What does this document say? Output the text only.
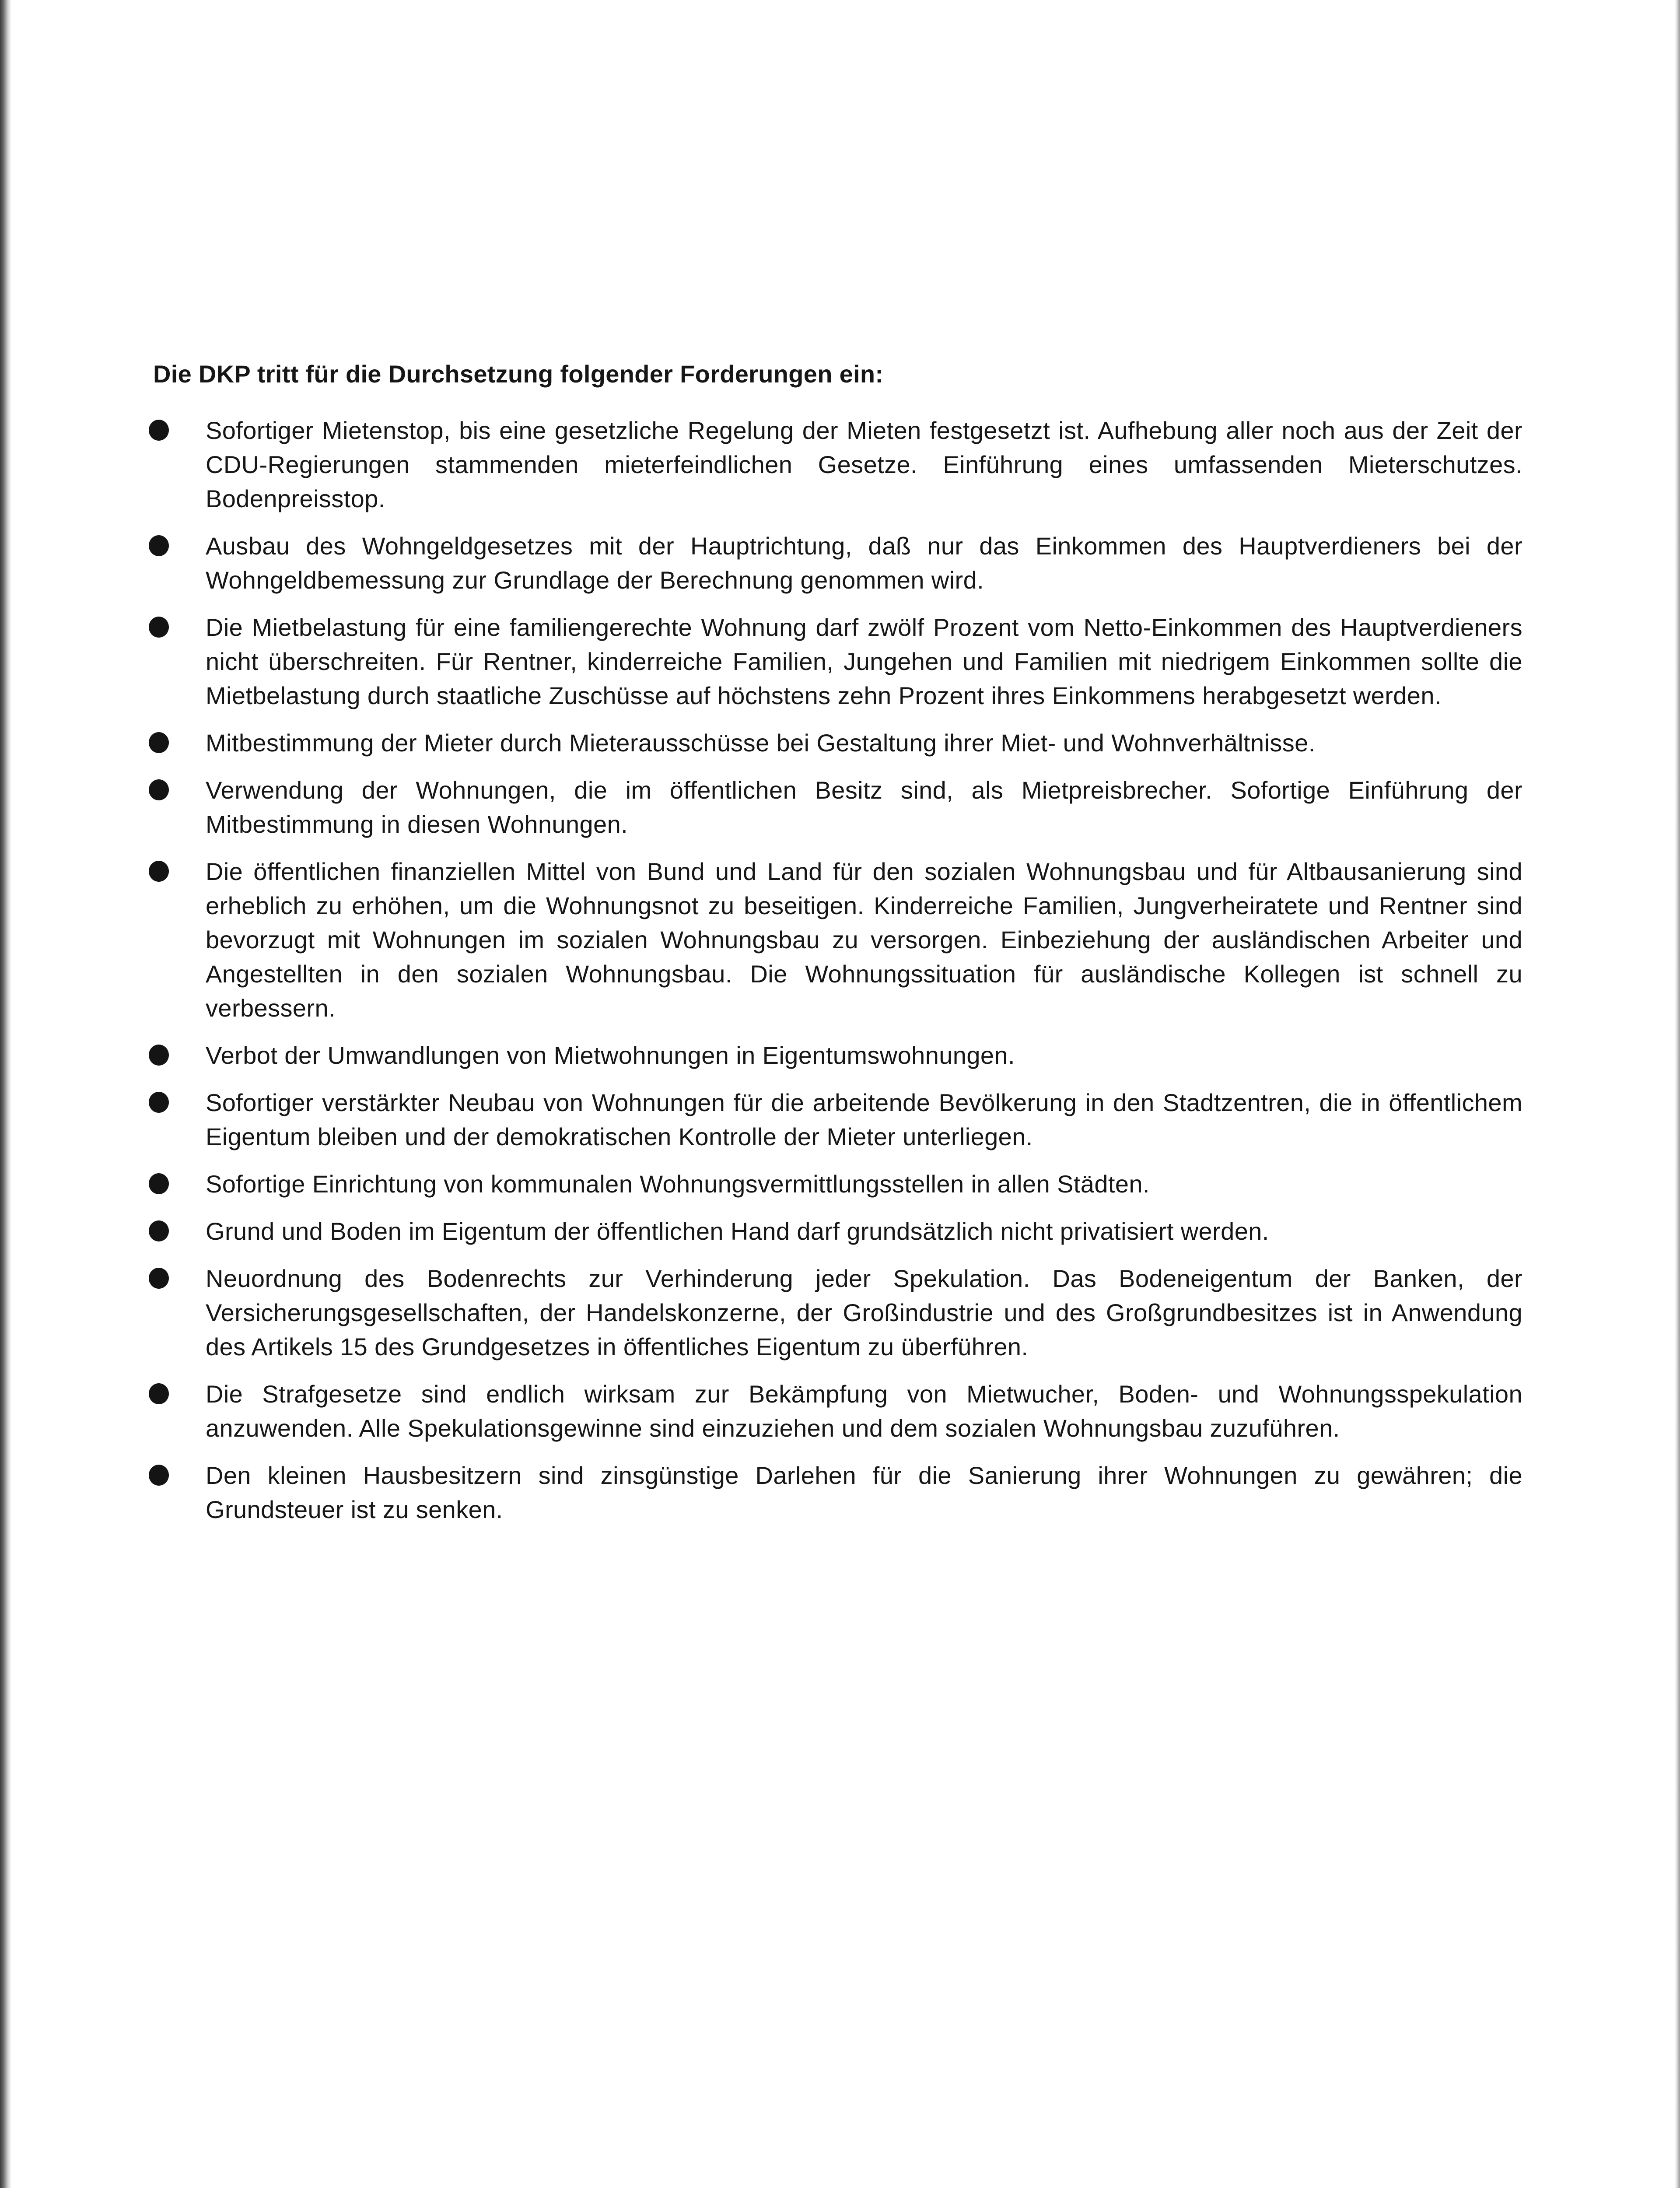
Die DKP tritt für die Durchsetzung folgender Forderungen ein:
Sofortiger Mietenstop, bis eine gesetzliche Regelung der Mieten festgesetzt ist. Aufhebung aller noch aus der Zeit der CDU-Regierungen stammenden mieterfeindlichen Gesetze. Einführung eines umfassenden Mieterschutzes. Bodenpreisstop.
Ausbau des Wohngeldgesetzes mit der Hauptrichtung, daß nur das Einkommen des Hauptverdieners bei der Wohngeldbemessung zur Grundlage der Berechnung genommen wird.
Die Mietbelastung für eine familiengerechte Wohnung darf zwölf Prozent vom Netto-Einkommen des Hauptverdieners nicht überschreiten. Für Rentner, kinderreiche Familien, Jungehen und Familien mit niedrigem Einkommen sollte die Mietbelastung durch staatliche Zuschüsse auf höchstens zehn Prozent ihres Einkommens herabgesetzt werden.
Mitbestimmung der Mieter durch Mieterausschüsse bei Gestaltung ihrer Miet- und Wohnverhältnisse.
Verwendung der Wohnungen, die im öffentlichen Besitz sind, als Mietpreisbrecher. Sofortige Einführung der Mitbestimmung in diesen Wohnungen.
Die öffentlichen finanziellen Mittel von Bund und Land für den sozialen Wohnungsbau und für Altbausanierung sind erheblich zu erhöhen, um die Wohnungsnot zu beseitigen. Kinderreiche Familien, Jungverheiratete und Rentner sind bevorzugt mit Wohnungen im sozialen Wohnungsbau zu versorgen. Einbeziehung der ausländischen Arbeiter und Angestellten in den sozialen Wohnungsbau. Die Wohnungssituation für ausländische Kollegen ist schnell zu verbessern.
Verbot der Umwandlungen von Mietwohnungen in Eigentumswohnungen.
Sofortiger verstärkter Neubau von Wohnungen für die arbeitende Bevölkerung in den Stadtzentren, die in öffentlichem Eigentum bleiben und der demokratischen Kontrolle der Mieter unterliegen.
Sofortige Einrichtung von kommunalen Wohnungsvermittlungsstellen in allen Städten.
Grund und Boden im Eigentum der öffentlichen Hand darf grundsätzlich nicht privatisiert werden.
Neuordnung des Bodenrechts zur Verhinderung jeder Spekulation. Das Bodeneigentum der Banken, der Versicherungsgesellschaften, der Handelskonzerne, der Großindustrie und des Großgrundbesitzes ist in Anwendung des Artikels 15 des Grundgesetzes in öffentliches Eigentum zu überführen.
Die Strafgesetze sind endlich wirksam zur Bekämpfung von Mietwucher, Boden- und Wohnungsspekulation anzuwenden. Alle Spekulationsgewinne sind einzuziehen und dem sozialen Wohnungsbau zuzuführen.
Den kleinen Hausbesitzern sind zinsgünstige Darlehen für die Sanierung ihrer Wohnungen zu gewähren; die Grundsteuer ist zu senken.
